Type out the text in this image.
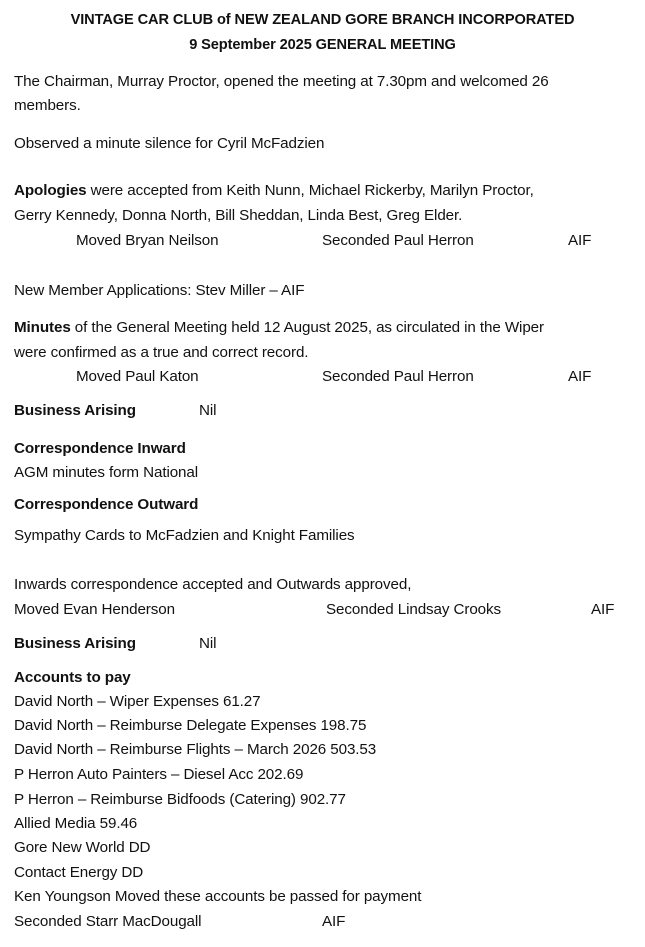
VINTAGE CAR CLUB of NEW ZEALAND GORE BRANCH INCORPORATED
9 September 2025 GENERAL MEETING
The Chairman, Murray Proctor, opened the meeting at 7.30pm and welcomed 26
members.
Observed a minute silence for Cyril McFadzien
Apologies were accepted from Keith Nunn, Michael Rickerby, Marilyn Proctor,
Gerry Kennedy, Donna North, Bill Sheddan, Linda Best, Greg Elder.
Moved Bryan Neilson	Seconded Paul Herron	AIF
New Member Applications: Stev Miller – AIF
Minutes of the General Meeting held 12 August 2025, as circulated in the Wiper
were confirmed as a true and correct record.
Moved Paul Katon	Seconded Paul Herron	AIF
Business Arising	Nil
Correspondence Inward
AGM minutes form National
Correspondence Outward
Sympathy Cards to McFadzien and Knight Families
Inwards correspondence accepted and Outwards approved,
Moved Evan Henderson	Seconded Lindsay Crooks	AIF
Business Arising	Nil
Accounts to pay
David North – Wiper Expenses 61.27
David North – Reimburse Delegate Expenses 198.75
David North – Reimburse Flights – March 2026 503.53
P Herron Auto Painters – Diesel Acc 202.69
P Herron – Reimburse Bidfoods (Catering) 902.77
Allied Media 59.46
Gore New World DD
Contact Energy DD
Ken Youngson Moved these accounts be passed for payment
Seconded Starr MacDougall	AIF
